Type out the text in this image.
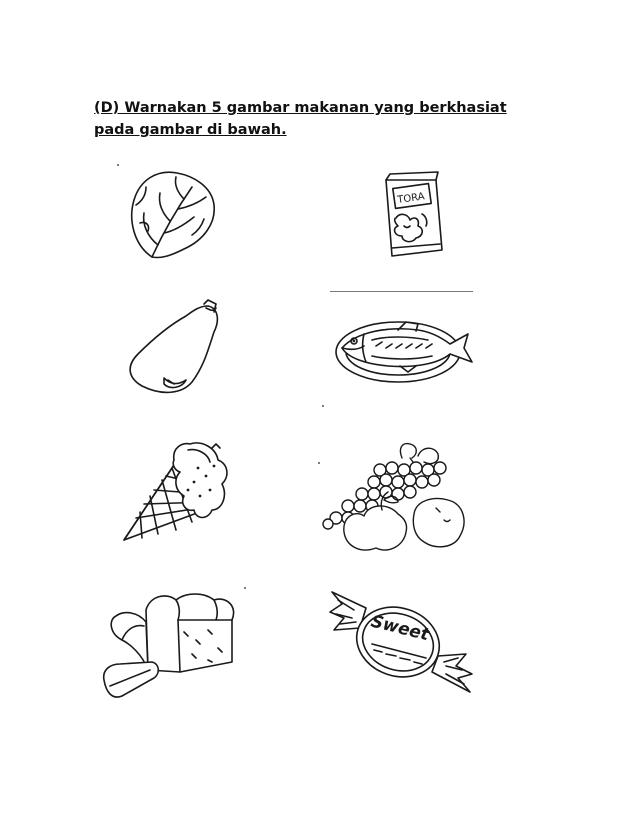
(D) Warnakan 5 gambar makanan yang berkhasiat
pada gambar di bawah.
TORA
Sweet
